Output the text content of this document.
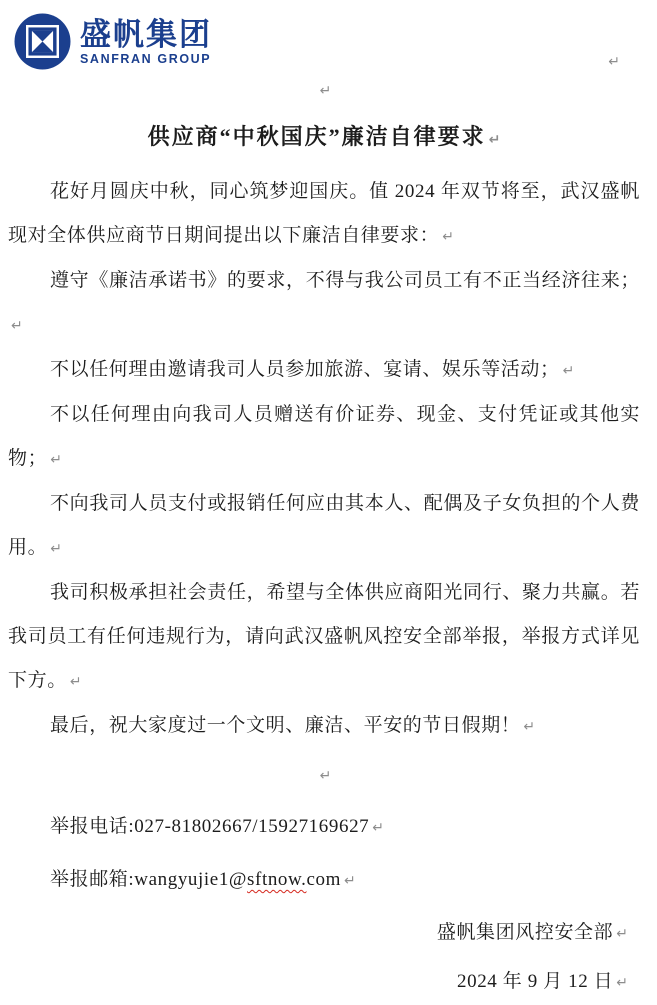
盛帆集团
SANFRAN GROUP	↵

↵

供应商“中秋国庆”廉洁自律要求 ↵

花好月圆庆中秋，同心筑梦迎国庆。值 2024 年双节将至，武汉盛帆现对全体供应商节日期间提出以下廉洁自律要求： ↵

遵守《廉洁承诺书》的要求，不得与我公司员工有不正当经济往来；↵

不以任何理由邀请我司人员参加旅游、宴请、娱乐等活动； ↵

不以任何理由向我司人员赠送有价证券、现金、支付凭证或其他实物； ↵

不向我司人员支付或报销任何应由其本人、配偶及子女负担的个人费用。 ↵

我司积极承担社会责任，希望与全体供应商阳光同行、聚力共赢。若我司员工有任何违规行为，请向武汉盛帆风控安全部举报，举报方式详见下方。 ↵

最后，祝大家度过一个文明、廉洁、平安的节日假期！ ↵

↵

举报电话:027-81802667/15927169627 ↵

举报邮箱:wangyujie1@sftnow.com ↵

盛帆集团风控安全部 ↵

2024 年 9 月 12 日 ↵
